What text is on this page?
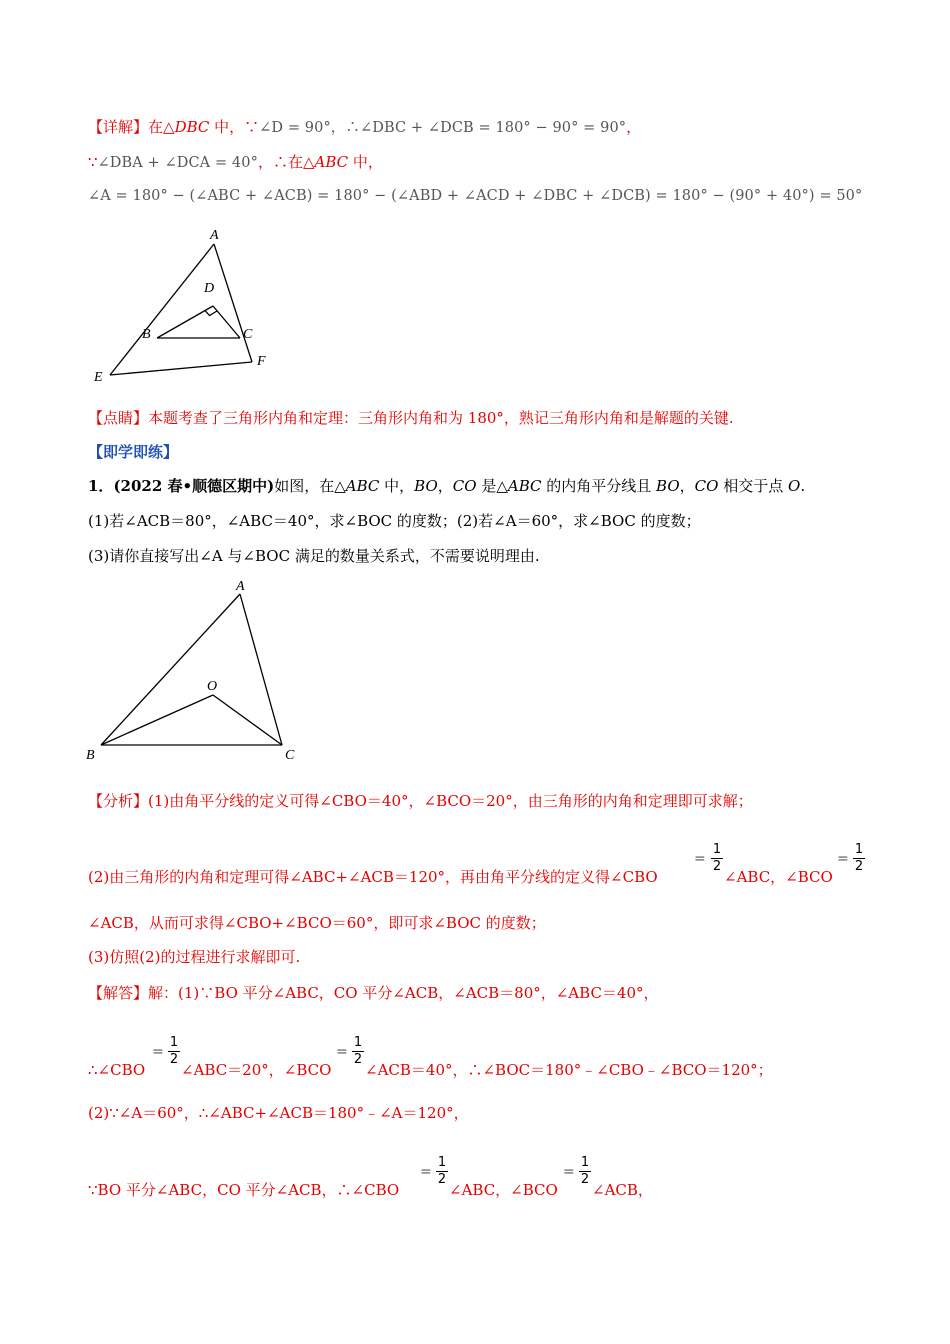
【详解】在△DBC 中，∵∠D = 90°，∴∠DBC + ∠DCB = 180° − 90° = 90°，
∵∠DBA + ∠DCA = 40°，∴在△ABC 中，
∠A = 180° − (∠ABC + ∠ACB) = 180° − (∠ABD + ∠ACD + ∠DBC + ∠DCB) = 180° − (90° + 40°) = 50°
A
D
B	C
E
F
【点睛】本题考查了三角形内角和定理：三角形内角和为 180°，熟记三角形内角和是解题的关键.
【即学即练】
1．(2022 春•顺德区期中)如图，在△ABC 中，BO，CO 是△ABC 的内角平分线且 BO，CO 相交于点 O.
(1)若∠ACB＝80°，∠ABC＝40°，求∠BOC 的度数；(2)若∠A＝60°，求∠BOC 的度数；
(3)请你直接写出∠A 与∠BOC 满足的数量关系式，不需要说明理由.
A
O
B	C
【分析】(1)由角平分线的定义可得∠CBO＝40°，∠BCO＝20°，由三角形的内角和定理即可求解；
(2)由三角形的内角和定理可得∠ABC+∠ACB＝120°，再由角平分线的定义得∠CBO
=
1
2
∠ABC，∠BCO
=
1
2
∠ACB，从而可求得∠CBO+∠BCO＝60°，即可求∠BOC 的度数；
(3)仿照(2)的过程进行求解即可.
【解答】解：(1)∵BO 平分∠ABC，CO 平分∠ACB，∠ACB＝80°，∠ABC＝40°，
∴∠CBO
=
1
2
∠ABC＝20°，∠BCO
=
1
2
∠ACB＝40°，∴∠BOC＝180°﹣∠CBO﹣∠BCO＝120°；
(2)∵∠A＝60°，∴∠ABC+∠ACB＝180°﹣∠A＝120°，
∵BO 平分∠ABC，CO 平分∠ACB，∴∠CBO
=
1
2
∠ABC，∠BCO
=
1
2
∠ACB，
